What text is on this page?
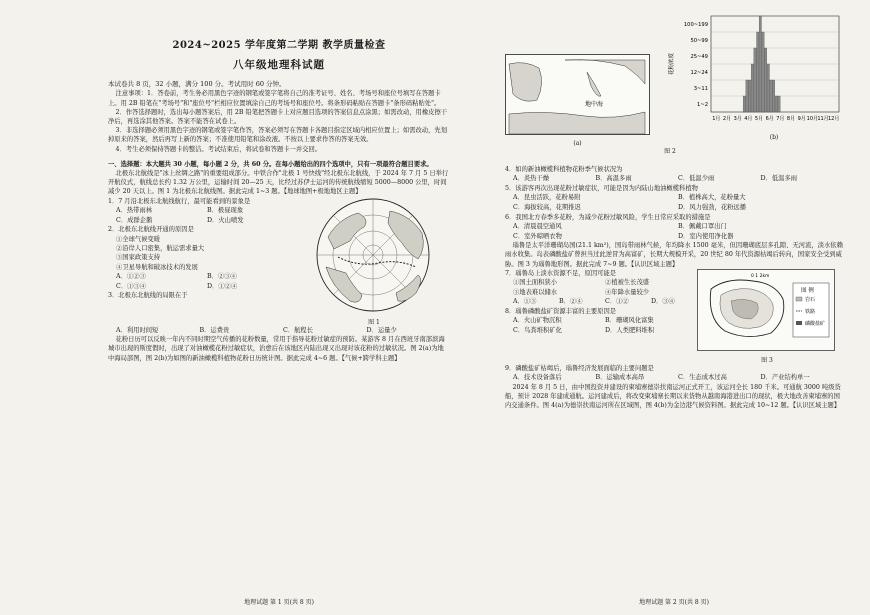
2024~2025 学年度第二学期 教学质量检查
八年级地理科试题
本试卷共 8 页，32 小题，满分 100 分。考试用时 60 分钟。
注意事项：1．答卷前，考生务必用黑色字迹的钢笔或签字笔将自己的准考证号、姓名、考场号和座位号填写在答题卡上。用 2B 铅笔在"考场号"和"座位号"栏相应位置填涂自己的考场号和座位号。将条形码粘贴在答题卡"条形码粘贴处"。
2．作答选择题时，选出每小题答案后，用 2B 铅笔把答题卡上对应题目选项的答案信息点涂黑；如需改动，用橡皮擦干净后，再选涂其他答案。答案不能答在试卷上。
3．非选择题必须用黑色字迹的钢笔或签字笔作答，答案必须写在答题卡各题目指定区域内相应位置上；如需改动，先划掉原来的答案，然后再写上新的答案；不准使用铅笔和涂改液。不按以上要求作答的答案无效。
4．考生必须保持答题卡的整洁。考试结束后，将试卷和答题卡一并交回。
一、选择题：本大题共 30 小题，每小题 2 分，共 60 分。在每小题给出的四个选项中，只有一项最符合题目要求。
北极东北航线是"冰上丝绸之路"的重要组成部分。中铁合作"北极 1 号快线"经北极东北航线，于 2024 年 7 月 5 日举行开航仪式，航线总长约 1.32 万公里，运输时间 20—25 天，比经过苏伊士运河的传统航线缩短 5000—8000 公里，时间减少 20 天以上。图 1 为北极东北航线图。据此完成 1~3 题。【地球地图+极地地区主题】
1．7 月沿北极东北航线航行，最可能看到的景象是
A．热带雨林	B．极昼现象
C．成群企鹅	D．火山喷发
2．北极东北航线开通的原因是
①全球气候变暖
②沿岸人口密集，航运需求量大
③国家政策支持
④卫星导航和破冰技术的发展
A．①②③	B．②③④
C．①③④	D．①②④
3．北极东北航线的局限在于
图 1
A．利用时间短	B．运费贵	C．航程长	D．运量少
花粉日历可以反映一年内不同时期空气传播的花粉数量，常用于指导花粉过敏症的预防。某游客 8 月在西班牙南部滨海城市出现的斯度假时，出现了对油橄榄花粉过敏症状，治愈后在该地区内陆出现又出现对该花粉的过敏状况。图 2(a)为地中海局部图，图 2(b)为如图的新油橄榄科植物花粉日历统计图。据此完成 4~6 题。【气候+跨学科主题】
地理试题 第 1 页(共 8 页)
地中海
(a)
1~2
3~11
12~24
25~49
50~99
100~199
花粉浓度
1月 2月 3月 4月 5月 6月 7月 8月 9月 10月 11月 12月
(b)
图 2
4．如的新油橄榄科植物花粉季气候状况为
A．炎热干燥	B．高温多雨	C．低温少雨	D．低温多雨
5．该游客再次出现花粉过敏症状，可能是因为内陆山地油橄榄科植物
A．昆虫活跃，花粉易附	B．植株高大，花粉量大
C．海拔较高，花期推迟	D．风力强劲，花粉远播
6．我国北方春季多花粉，为减少花粉过敏风险，学生日常应采取的措施是
A．清晨晨空通风	B．佩戴口罩出门
C．室外晾晒衣物	D．室内使用净化器
瑙鲁是太平洋珊瑚岛国(21.1 km²)，国岛带雨林气候，年均降水 1500 毫米，但因珊瑚底层多孔隙、无河流，淡水依赖雨水收集。岛表磷酸盐矿曾担当过此逆冒为高富矿，长期大规模开采，20 世纪 80 年代资源枯竭后转向，国家安全受到威胁。图 3 为瑙鲁地形图。据此完成 7~9 题。【认识区域主题】
7．瑙鲁岛上淡水资源不足，原因可能是
①国土面积狭小	②植被生长茂盛
③地表难以储水	④年降水量较少
A．①③	B．②④	C．①②	D．③④
8．瑙鲁磷酸盐矿资源丰富的主要原因是
A．火山矿物沉积	B．珊瑚风化富集
C．鸟粪堆积矿化	D．人类肥料堆积
图 例
岩石
铁路
磷酸盐矿
0 1 2km
图 3
9．磷酸盐矿枯竭后，瑙鲁经济发展面临的主要问题是
A．技术设备落后	B．运输成本高昂	C．生态成本过高	D．产业结构单一
2024 年 8 月 5 日，由中国投资并建设的柬埔寨德崇扶南运河正式开工，该运河全长 180 千米。可通航 3000 吨级货船，预计 2028 年建成通航。运河建成后，将改变柬埔寨长期以来货物从越南海港进出口的现状，极大地改善柬埔寨的国内交通条件。图 4(a)为德崇扶南运河所在区域图，图 4(b)为金边港气候资料图。据此完成 10~12 题。【认识区域主题】
地理试题 第 2 页(共 8 页)
